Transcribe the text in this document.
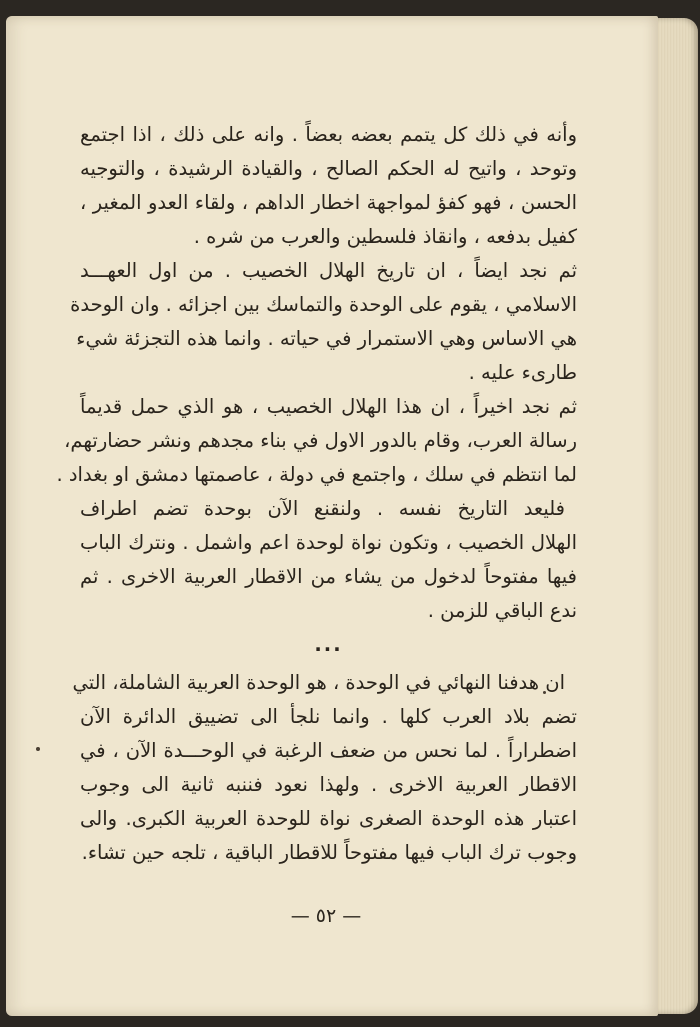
وأنه في ذلك كل يتمم بعضه بعضاً . وانه على ذلك ، اذا اجتمع
وتوحد ، واتيح له الحكم الصالح ، والقيادة الرشيدة ، والتوجيه
الحسن ، فهو كفؤ لمواجهة اخطار الداهم ، ولقاء العدو المغير ،
كفيل بدفعه ، وانقاذ فلسطين والعرب من شره .
ثم نجد ايضاً ، ان تاريخ الهلال الخصيب . من اول العهـــد
الاسلامي ، يقوم على الوحدة والتماسك بين اجزائه . وان الوحدة
هي الاساس وهي الاستمرار في حياته . وانما هذه التجزئة شيء
طارىء عليه .
ثم نجد اخيراً ، ان هذا الهلال الخصيب ، هو الذي حمل قديماً
رسالة العرب، وقام بالدور الاول في بناء مجدهم ونشر حضارتهم،
لما انتظم في سلك ، واجتمع في دولة ، عاصمتها دمشق او بغداد .
فليعد التاريخ نفسه . ولنقنع الآن بوحدة تضم اطراف
الهلال الخصيب ، وتكون نواة لوحدة اعم واشمل . ونترك الباب
فيها مفتوحاً لدخول من يشاء من الاقطار العربية الاخرى . ثم
ندع الباقي للزمن .
...
ان هدفنا النهائي في الوحدة ، هو الوحدة العربية الشاملة، التي
تضم بلاد العرب كلها . وانما نلجأ الى تضييق الدائرة الآن
اضطراراً . لما نحس من ضعف الرغبة في الوحـــدة الآن ، في
الاقطار العربية الاخرى . ولهذا نعود فننبه ثانية الى وجوب
اعتبار هذه الوحدة الصغرى نواة للوحدة العربية الكبرى. والى
وجوب ترك الباب فيها مفتوحاً للاقطار الباقية ، تلجه حين تشاء.
— ٥٢ —
